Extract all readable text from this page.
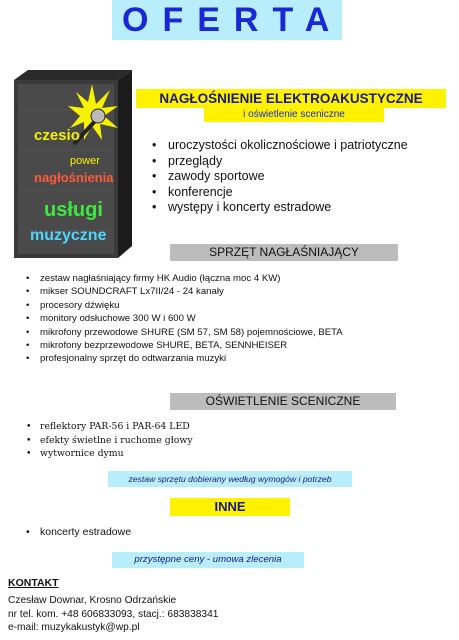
OFERTA
czesio
power
nagłośnienia
usługi
muzyczne
NAGŁOŚNIENIE ELEKTROAKUSTYCZNE
i oświetlenie sceniczne
• uroczystości okolicznościowe i patriotyczne
• przeglądy
• zawody sportowe
• konferencje
• występy i koncerty estradowe
SPRZĘT NAGŁAŚNIAJĄCY
• zestaw nagłaśniający firmy HK Audio (łączna moc 4 KW)
• mikser SOUNDCRAFT Lx7II/24 - 24 kanały
• procesory dźwięku
• monitory odsłuchowe 300 W i 600 W
• mikrofony przewodowe SHURE (SM 57, SM 58) pojemnościowe, BETA
• mikrofony bezprzewodowe SHURE, BETA, SENNHEISER
• profesjonalny sprzęt do odtwarzania muzyki
OŚWIETLENIE SCENICZNE
• reflektory PAR-56 i PAR-64 LED
• efekty świetlne i ruchome głowy
• wytwornice dymu
zestaw sprzętu dobierany według wymogów i potrzeb
INNE
• koncerty estradowe
przystępne ceny - umowa zlecenia
KONTAKT
Czesław Downar, Krosno Odrzańskie
nr tel. kom. +48 606833093, stacj.: 683838341
e-mail: muzykakustyk@wp.pl
